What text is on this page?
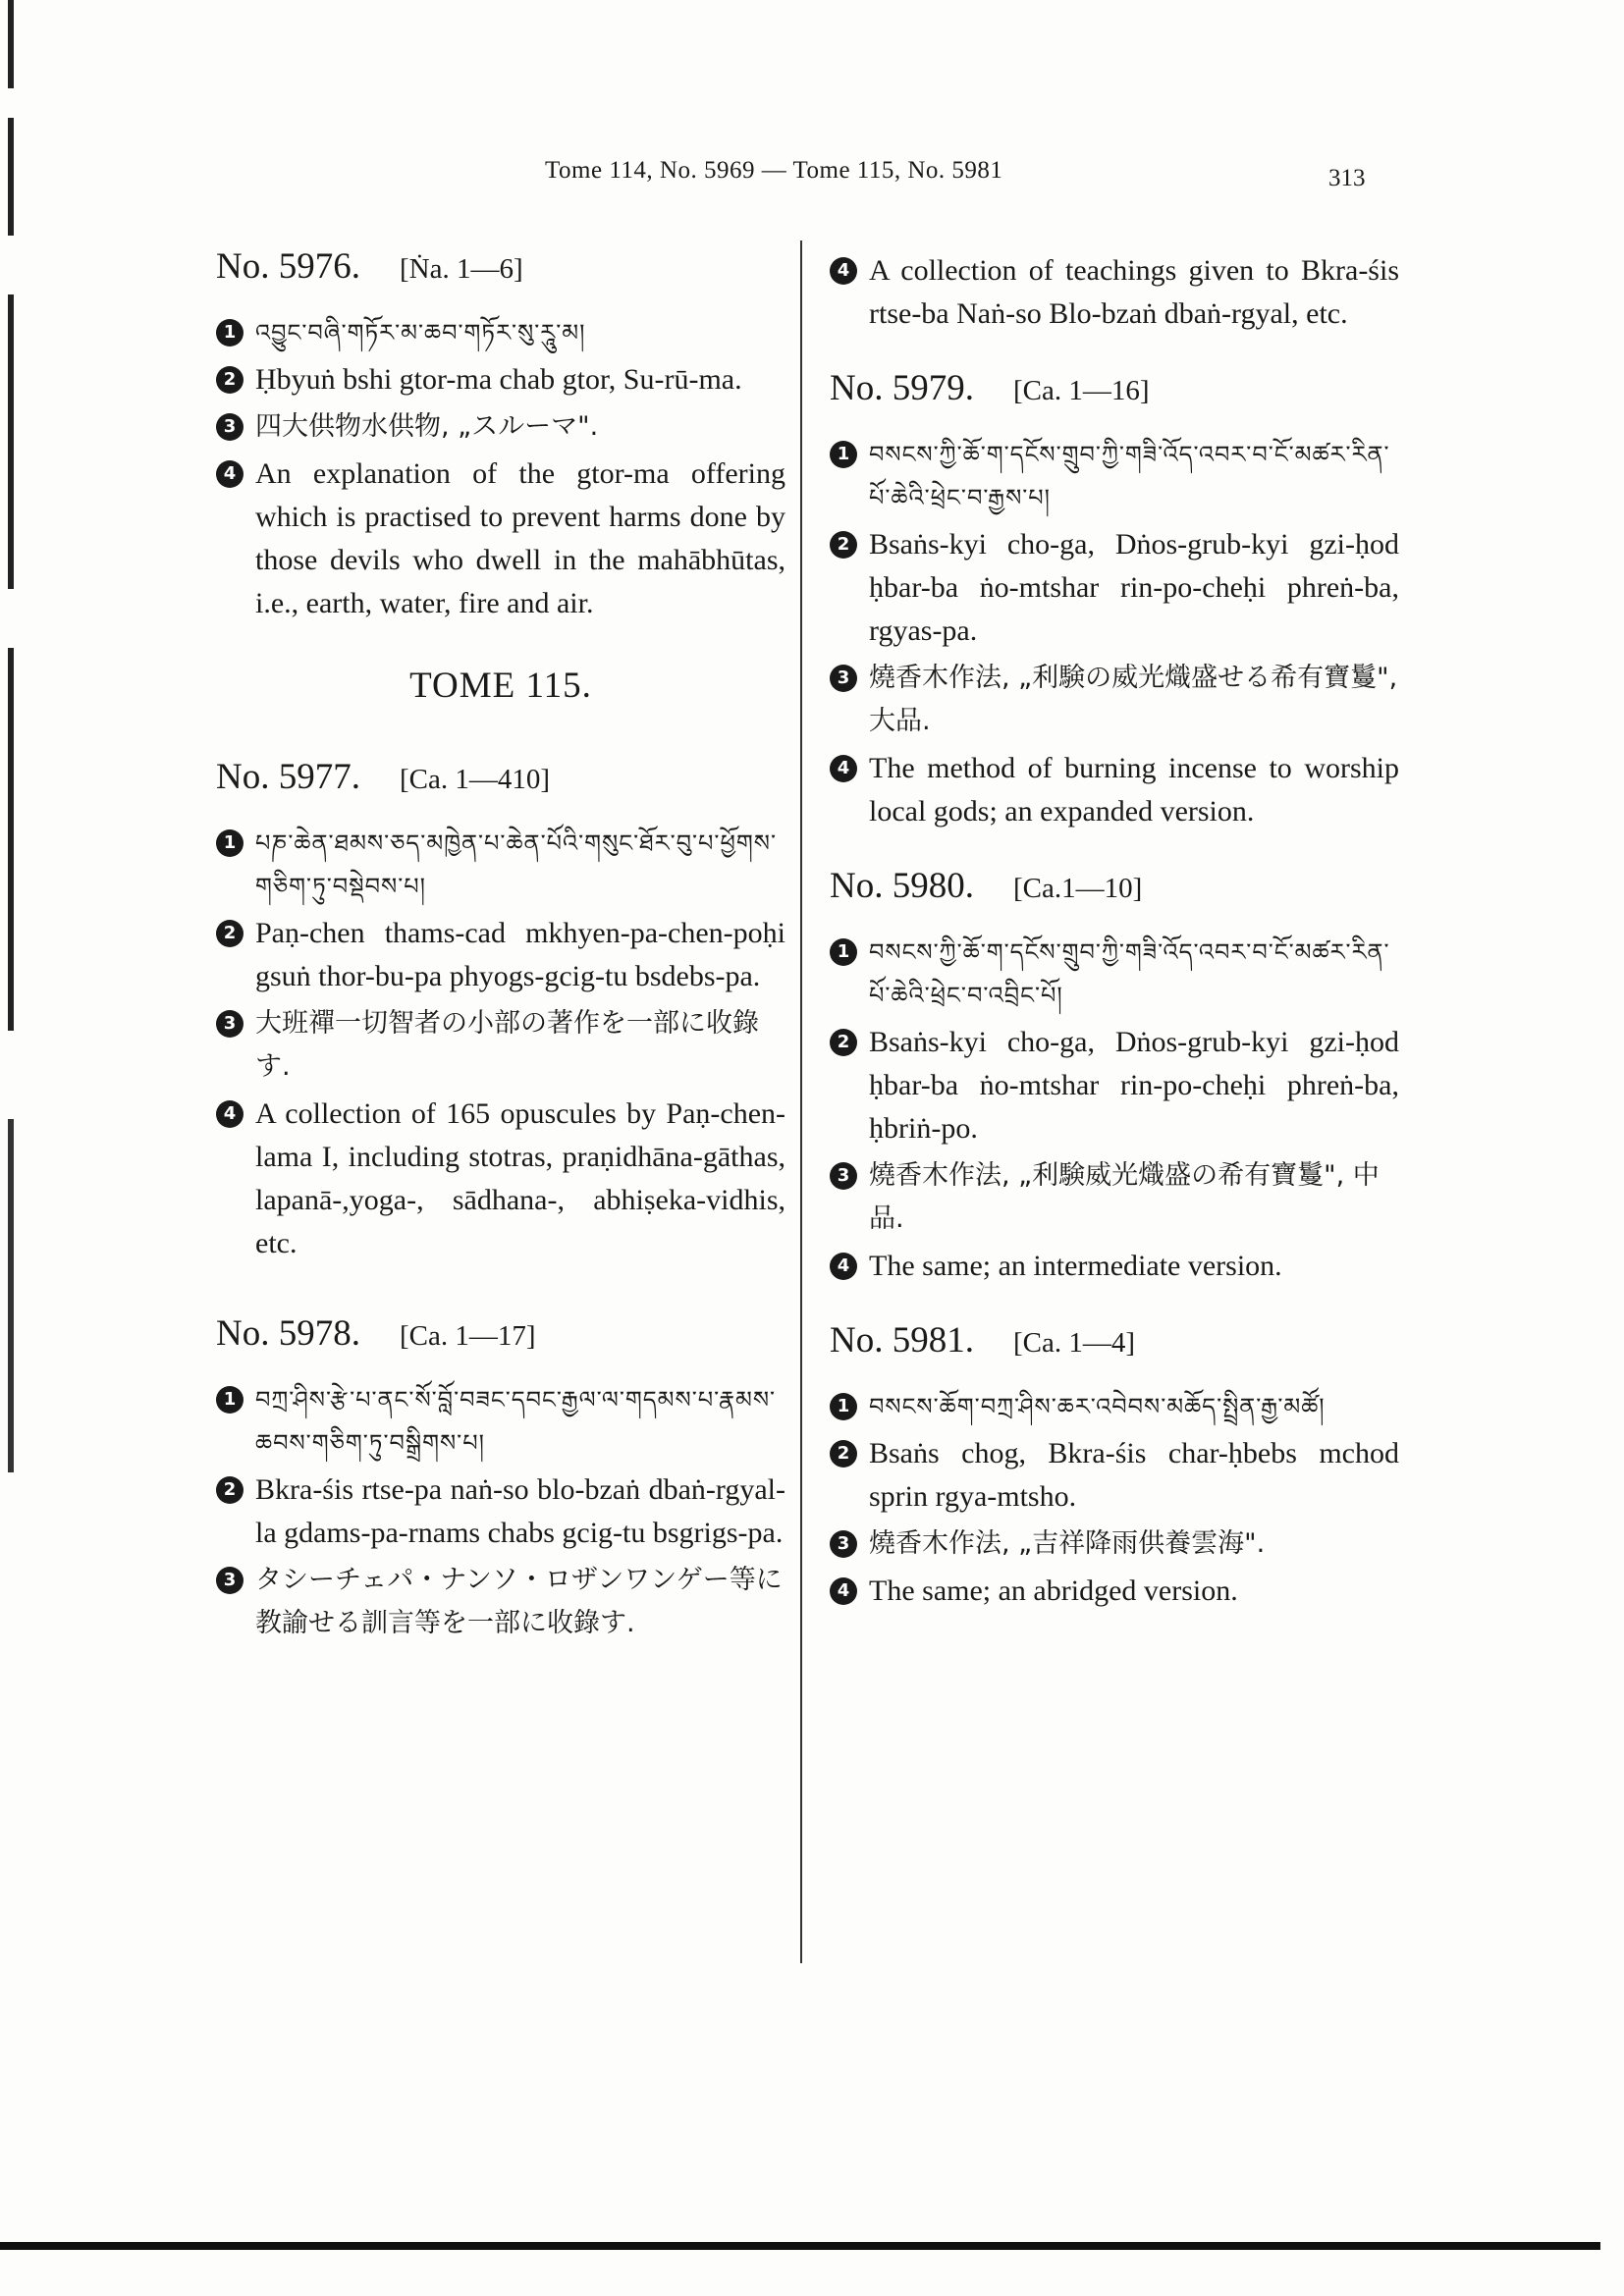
Tome 114, No. 5969 — Tome 115, No. 5981	313
No. 5976. [Ṅa. 1—6]
1 འབྱུང་བཞི་གཏོར་མ་ཆབ་གཏོར་སུ་རཱུ་མ།
2 Ḥbyuṅ bshi gtor-ma chab gtor, Su-rū-ma.
3 四大供物水供物, „スルーマ".
4 An explanation of the gtor-ma offering which is practised to prevent harms done by those devils who dwell in the mahābhūtas, i.e., earth, water, fire and air.
TOME 115.
No. 5977. [Ca. 1—410]
1 པཎ་ཆེན་ཐམས་ཅད་མཁྱེན་པ་ཆེན་པོའི་གསུང་ཐོར་བུ་པ་ཕྱོགས་གཅིག་ཏུ་བསྡེབས་པ།
2 Paṇ-chen thams-cad mkhyen-pa-chen-poḥi gsuṅ thor-bu-pa phyogs-gcig-tu bsdebs-pa.
3 大班禪一切智者の小部の著作を一部に收錄す.
4 A collection of 165 opuscules by Paṇ-chen-lama I, including stotras, praṇidhāna-gāthas, lapanā-,yoga-, sādhana-, abhiṣeka-vidhis, etc.
No. 5978. [Ca. 1—17]
1 བཀྲ་ཤིས་རྩེ་པ་ནང་སོ་བློ་བཟང་དབང་རྒྱལ་ལ་གདམས་པ་རྣམས་ཆབས་གཅིག་ཏུ་བསྒྲིགས་པ།
2 Bkra-śis rtse-pa naṅ-so blo-bzaṅ dbaṅ-rgyal-la gdams-pa-rnams chabs gcig-tu bsgrigs-pa.
3 タシーチェパ・ナンソ・ロザンワンゲー等に教諭せる訓言等を一部に收錄す.
4 A collection of teachings given to Bkra-śis rtse-ba Naṅ-so Blo-bzaṅ dbaṅ-rgyal, etc.
No. 5979. [Ca. 1—16]
1 བསངས་ཀྱི་ཆོ་ག་དངོས་གྲུབ་ཀྱི་གཟི་འོད་འབར་བ་ངོ་མཚར་རིན་པོ་ཆེའི་ཕྲེང་བ་རྒྱས་པ།
2 Bsaṅs-kyi cho-ga, Dṅos-grub-kyi gzi-ḥod ḥbar-ba ṅo-mtshar rin-po-cheḥi phreṅ-ba, rgyas-pa.
3 燒香木作法, „利験の威光熾盛せる希有寶鬘", 大品.
4 The method of burning incense to worship local gods; an expanded version.
No. 5980. [Ca.1—10]
1 བསངས་ཀྱི་ཆོ་ག་དངོས་གྲུབ་ཀྱི་གཟི་འོད་འབར་བ་ངོ་མཚར་རིན་པོ་ཆེའི་ཕྲེང་བ་འབྲིང་པོ།
2 Bsaṅs-kyi cho-ga, Dṅos-grub-kyi gzi-ḥod ḥbar-ba ṅo-mtshar rin-po-cheḥi phreṅ-ba, ḥbriṅ-po.
3 燒香木作法, „利験威光熾盛の希有寶鬘", 中品.
4 The same; an intermediate version.
No. 5981. [Ca. 1—4]
1 བསངས་ཆོག་བཀྲ་ཤིས་ཆར་འབེབས་མཆོད་སྤྲིན་རྒྱ་མཚོ།
2 Bsaṅs chog, Bkra-śis char-ḥbebs mchod sprin rgya-mtsho.
3 燒香木作法, „吉祥降雨供養雲海".
4 The same; an abridged version.
